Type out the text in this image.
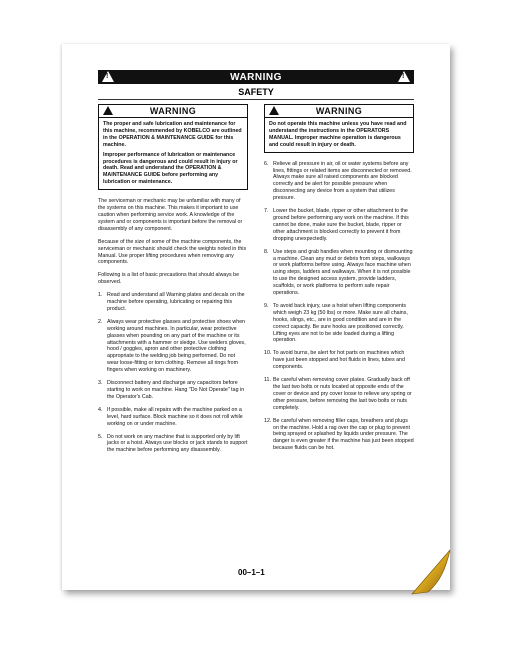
!
WARNING
!
SAFETY
WARNING

The proper and safe lubrication and maintenance for this machine, recommended by KOBELCO are outlined in the OPERATION & MAINTENANCE GUIDE for this machine.

Improper performance of lubrication or maintenance procedures is dangerous and could result in injury or death. Read and understand the OPERATION & MAINTENANCE GUIDE before performing any lubrication or maintenance.

The serviceman or mechanic may be unfamiliar with many of the systems on this machine. This makes it important to use caution when performing service work. A knowledge of the system and or components is important before the removal or disassembly of any component.
Because of the size of some of the machine components, the serviceman or mechanic should check the weights noted in this Manual. Use proper lifting procedures when removing any components.
Following is a list of basic precautions that should always be observed.
1. Read and understand all Warning plates and decals on the machine before operating, lubricating or repairing this product.
2. Always wear protective glasses and protective shoes when working around machines. In particular, wear protective glasses when pounding on any part of the machine or its attachments with a hammer or sledge. Use welders gloves, hood / goggles, apron and other protective clothing appropriate to the welding job being performed. Do not wear loose-fitting or torn clothing. Remove all rings from fingers when working on machinery.
3. Disconnect battery and discharge any capacitors before starting to work on machine. Hang "Do Not Operate" tag in the Operator's Cab.
4. If possible, make all repairs with the machine parked on a level, hard surface. Block machine so it does not roll while working on or under machine.
5. Do not work on any machine that is supported only by lift jacks or a hoist. Always use blocks or jack stands to support the machine before performing any disassembly.
WARNING

Do not operate this machine unless you have read and understand the instructions in the OPERATORS MANUAL. Improper machine operation is dangerous and could result in injury or death.

6. Relieve all pressure in air, oil or water systems before any lines, fittings or related items are disconnected or removed. Always make sure all raised components are blocked correctly and be alert for possible pressure when disconnecting any device from a system that utilizes pressure.
7. Lower the bucket, blade, ripper or other attachment to the ground before performing any work on the machine. If this cannot be done, make sure the bucket, blade, ripper or other attachment is blocked correctly to prevent it from dropping unexpectedly.
8. Use steps and grab handles when mounting or dismounting a machine. Clean any mud or debris from steps, walkways or work platforms before using. Always face machine when using steps, ladders and walkways. When it is not possible to use the designed access system, provide ladders, scaffolds, or work platforms to perform safe repair operations.
9. To avoid back injury, use a hoist when lifting components which weigh 23 kg (50 lbs) or more. Make sure all chains, hooks, slings, etc., are in good condition and are in the correct capacity. Be sure hooks are positioned correctly. Lifting eyes are not to be side loaded during a lifting operation.
10. To avoid burns, be alert for hot parts on machines which have just been stopped and hot fluids in lines, tubes and components.
11. Be careful when removing cover plates. Gradually back off the last two bolts or nuts located at opposite ends of the cover or device and pry cover loose to relieve any spring or other pressure, before removing the last two bolts or nuts completely.
12. Be careful when removing filler caps, breathers and plugs on the machine. Hold a rag over the cap or plug to prevent being sprayed or splashed by liquids under pressure. The danger is even greater if the machine has just been stopped because fluids can be hot.
00–1–1
